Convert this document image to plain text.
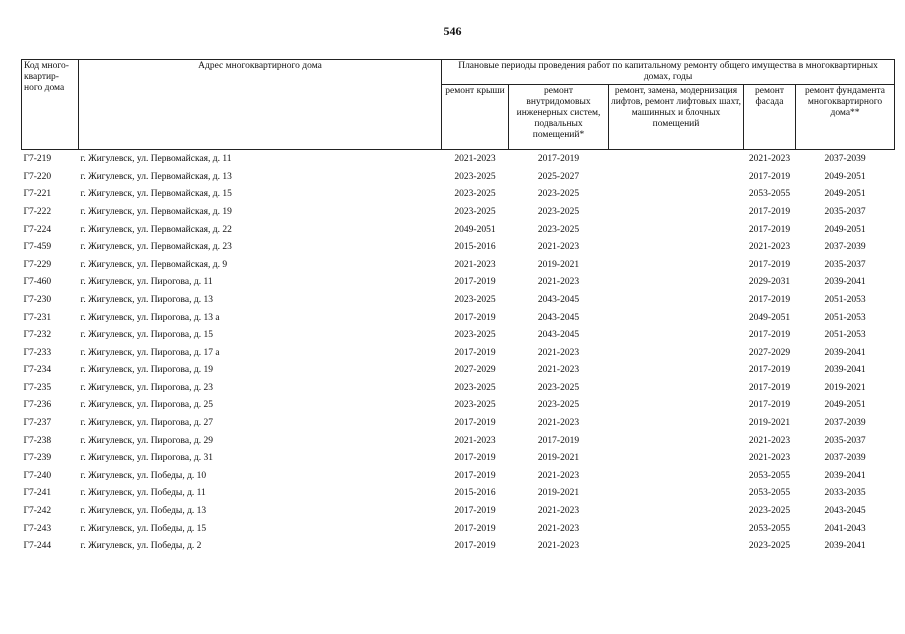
546
Код много-квартир-ного дома	Адрес многоквартирного дома	Плановые периоды проведения работ по капитальному ремонту общего имущества в многоквартирных домах, годы				
		ремонт крыши	ремонт внутридомовых инженерных систем, подвальных помещений*	ремонт, замена, модернизация лифтов, ремонт лифтовых шахт, машинных и блочных помещений	ремонт фасада	ремонт фундамента многоквартирного дома**
Г7-219	г. Жигулевск, ул. Первомайская, д. 11	2021-2023	2017-2019		2021-2023	2037-2039
Г7-220	г. Жигулевск, ул. Первомайская, д. 13	2023-2025	2025-2027		2017-2019	2049-2051
Г7-221	г. Жигулевск, ул. Первомайская, д. 15	2023-2025	2023-2025		2053-2055	2049-2051
Г7-222	г. Жигулевск, ул. Первомайская, д. 19	2023-2025	2023-2025		2017-2019	2035-2037
Г7-224	г. Жигулевск, ул. Первомайская, д. 22	2049-2051	2023-2025		2017-2019	2049-2051
Г7-459	г. Жигулевск, ул. Первомайская, д. 23	2015-2016	2021-2023		2021-2023	2037-2039
Г7-229	г. Жигулевск, ул. Первомайская, д. 9	2021-2023	2019-2021		2017-2019	2035-2037
Г7-460	г. Жигулевск, ул. Пирогова, д. 11	2017-2019	2021-2023		2029-2031	2039-2041
Г7-230	г. Жигулевск, ул. Пирогова, д. 13	2023-2025	2043-2045		2017-2019	2051-2053
Г7-231	г. Жигулевск, ул. Пирогова, д. 13 а	2017-2019	2043-2045		2049-2051	2051-2053
Г7-232	г. Жигулевск, ул. Пирогова, д. 15	2023-2025	2043-2045		2017-2019	2051-2053
Г7-233	г. Жигулевск, ул. Пирогова, д. 17 а	2017-2019	2021-2023		2027-2029	2039-2041
Г7-234	г. Жигулевск, ул. Пирогова, д. 19	2027-2029	2021-2023		2017-2019	2039-2041
Г7-235	г. Жигулевск, ул. Пирогова, д. 23	2023-2025	2023-2025		2017-2019	2019-2021
Г7-236	г. Жигулевск, ул. Пирогова, д. 25	2023-2025	2023-2025		2017-2019	2049-2051
Г7-237	г. Жигулевск, ул. Пирогова, д. 27	2017-2019	2021-2023		2019-2021	2037-2039
Г7-238	г. Жигулевск, ул. Пирогова, д. 29	2021-2023	2017-2019		2021-2023	2035-2037
Г7-239	г. Жигулевск, ул. Пирогова, д. 31	2017-2019	2019-2021		2021-2023	2037-2039
Г7-240	г. Жигулевск, ул. Победы, д. 10	2017-2019	2021-2023		2053-2055	2039-2041
Г7-241	г. Жигулевск, ул. Победы, д. 11	2015-2016	2019-2021		2053-2055	2033-2035
Г7-242	г. Жигулевск, ул. Победы, д. 13	2017-2019	2021-2023		2023-2025	2043-2045
Г7-243	г. Жигулевск, ул. Победы, д. 15	2017-2019	2021-2023		2053-2055	2041-2043
Г7-244	г. Жигулевск, ул. Победы, д. 2	2017-2019	2021-2023		2023-2025	2039-2041
